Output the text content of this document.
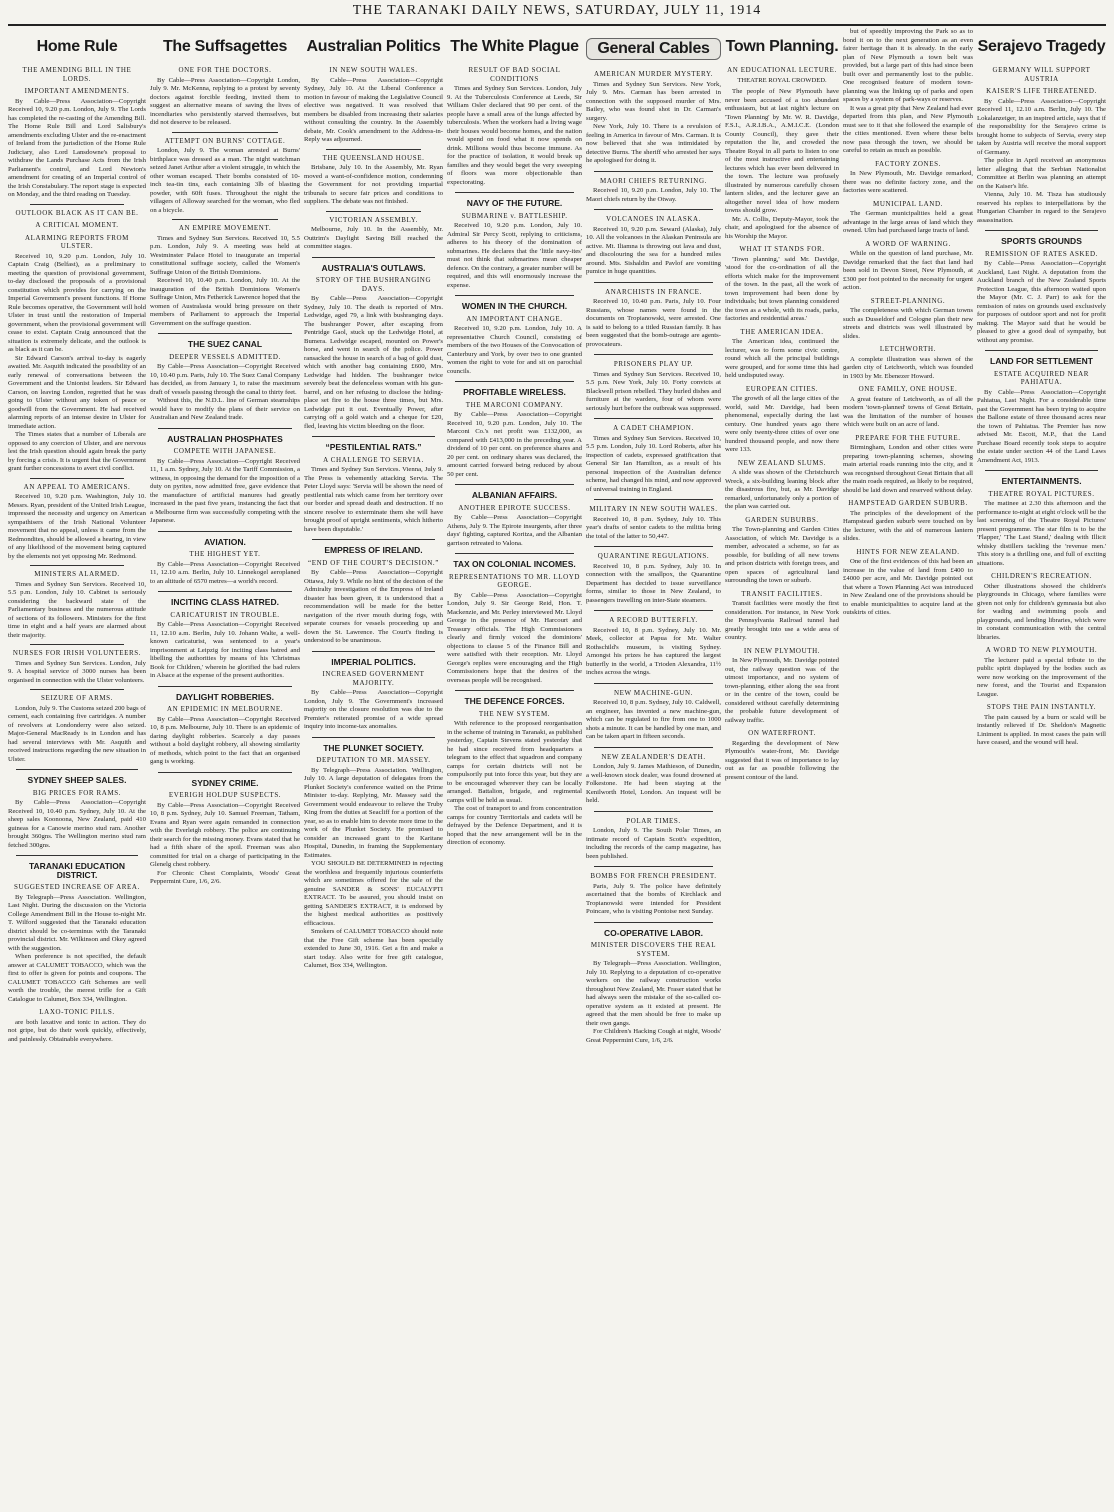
THE TARANAKI DAILY NEWS, SATURDAY, JULY 11, 1914
Home Rule
THE AMENDING BILL IN THE LORDS.
IMPORTANT AMENDMENTS.

By Cable—Press Association—Copyright Received 10, 9.20 p.m. London, July 9. The Lords has completed the re-casting of the Amending Bill. The Home Rule Bill and Lord Salisbury's amendments excluding Ulster and the re-enactment of Ireland from the jurisdiction of the Home Rule Judiciary, also Lord Lansdowne's proposal to withdraw the Lands Purchase Acts from the Irish Parliament's control, and Lord Newton's amendment for creating of an Imperial control of the Irish Constabulary. The report stage is expected on Monday, and the third reading on Tuesday.

OUTLOOK BLACK AS IT CAN BE.
A CRITICAL MOMENT.
ALARMING REPORTS FROM ULSTER.

Received 10, 9.20 p.m. London, July 10. Captain Craig (Belfast), as a preliminary to meeting the question of provisional government, to-day disclosed the proposals of a provisional constitution which provides for carrying on the Imperial Government's present functions. If Home Rule becomes operative, the Government will hold Ulster in trust until the restoration of Imperial government, when the provisional government will cease to exist. Captain Craig announced that the situation is extremely delicate, and the outlook is as black as it can be.

Sir Edward Carson's arrival to-day is eagerly awaited. Mr. Asquith indicated the possibility of an early renewal of conversations between the Government and the Unionist leaders. Sir Edward Carson, on leaving London, regretted that he was going to Ulster without any token of peace or goodwill from the Government. He had received alarming reports of an intense desire in Ulster for immediate action.

The Times states that a number of Liberals are opposed to any coercion of Ulster, and are nervous lest the Irish question should again break the party by forcing a crisis. It is urgent that the Government grant further concessions to avert civil conflict.

AN APPEAL TO AMERICANS.

Received 10, 9.20 p.m. Washington, July 10. Messrs. Ryan, president of the United Irish League, impressed the necessity and urgency on American sympathisers of the Irish National Volunteer movement that no appeal, unless it came from the Redmondites, should be allowed a hearing, in view of any likelihood of the movement being captured by the elements not yet opposing Mr. Redmond.

MINISTERS ALARMED.

Times and Sydney Sun Services. Received 10, 5.5 p.m. London, July 10. Cabinet is seriously considering the backward state of the Parliamentary business and the numerous attitude of sections of its followers. Ministers for the first time in eight and a half years are alarmed about their majority.

NURSES FOR IRISH VOLUNTEERS.

Times and Sydney Sun Services. London, July 9. A hospital service of 3000 nurses has been organised in connection with the Ulster volunteers.

SEIZURE OF ARMS.

London, July 9. The Customs seized 200 bags of cement, each containing five cartridges. A number of revolvers at Londonderry were also seized. Major-General MacReady is in London and has had several interviews with Mr. Asquith and received instructions regarding the new situation in Ulster.

SYDNEY SHEEP SALES.
BIG PRICES FOR RAMS.

By Cable—Press Association—Copyright Received 10, 10.40 p.m. Sydney, July 10. At the sheep sales Koonoona, New Zealand, paid 410 guineas for a Canowie merino stud ram. Another brought 360gns. The Wellington merino stud ram fetched 300gns.

TARANAKI EDUCATION DISTRICT.
SUGGESTED INCREASE OF AREA.

By Telegraph—Press Association. Wellington, Last Night. During the discussion on the Victoria College Amendment Bill in the House to-night Mr. T. Wilford suggested that the Taranaki education district should be co-terminus with the Taranaki provincial district. Mr. Wilkinson and Okey agreed with the suggestion.

When preference is not specified, the default answer at CALUMET TOBACCO, which was the first to offer is given for points and coupons. The CALUMET TOBACCO Gift Schemes are well worth the trouble, the merest trifle for a Gift Catalogue to Calumet, Box 334, Wellington.

LAXO-TONIC PILLS.

are both laxative and tonic in action. They do not gripe, but do their work quickly, effectively, and painlessly. Obtainable everywhere.

The Suffsagettes
ONE FOR THE DOCTORS.

By Cable—Press Association—Copyright London, July 9. Mr. McKenna, replying to a protest by seventy doctors against forcible feeding, invited them to suggest an alternative means of saving the lives of incendiaries who persistently starved themselves, but did not deserve to be released.

ATTEMPT ON BURNS' COTTAGE.

London, July 9. The woman arrested at Burns' birthplace was dressed as a man. The night watchman seized Janet Arthur after a violent struggle, in which the other woman escaped. Their bombs consisted of 10-inch tea-tin tins, each containing 3lb of blasting powder, with 60ft fuses. Throughout the night the villagers of Alloway searched for the woman, who fled on a bicycle.

AN EMPIRE MOVEMENT.

Times and Sydney Sun Services. Received 10, 5.5 p.m. London, July 9. A meeting was held at Westminster Palace Hotel to inaugurate an imperial constitutional suffrage society, called the Women's Suffrage Union of the British Dominions.

Received 10, 10.40 p.m. London, July 10. At the inauguration of the British Dominions Women's Suffrage Union, Mrs Fetherick Lawrence hoped that the women of Australasia would bring pressure on their members of Parliament to approach the Imperial Government on the suffrage question.

THE SUEZ CANAL
DEEPER VESSELS ADMITTED.

By Cable—Press Association—Copyright Received 10, 10.40 p.m. Paris, July 10. The Suez Canal Company has decided, as from January 1, to raise the maximum draft of vessels passing through the canal to thirty feet.

Without this, the N.D.L. line of German steamships would have to modify the plans of their service on Australian and New Zealand trade.

AUSTRALIAN PHOSPHATES
COMPETE WITH JAPANESE.

By Cable—Press Association—Copyright Received 11, 1 a.m. Sydney, July 10. At the Tariff Commission, a witness, in opposing the demand for the imposition of a duty on pyrites, now admitted free, gave evidence that the manufacture of artificial manures had greatly increased in the past five years, instancing the fact that a Melbourne firm was successfully competing with the Japanese.

AVIATION.
THE HIGHEST YET.

By Cable—Press Association—Copyright Received 11, 12.10 a.m. Berlin, July 10. Linnekogel aeroplaned to an altitude of 6570 metres—a world's record.

INCITING CLASS HATRED.
CARICATURIST IN TROUBLE.

By Cable—Press Association—Copyright Received 11, 12.10 a.m. Berlin, July 10. Johann Walte, a well-known caricaturist, was sentenced to a year's imprisonment at Leipzig for inciting class hatred and libelling the authorities by means of his 'Christmas Book for Children,' wherein he glorified the bad rulers in Alsace at the expense of the present authorities.

DAYLIGHT ROBBERIES.
AN EPIDEMIC IN MELBOURNE.

By Cable—Press Association—Copyright Received 10, 8 p.m. Melbourne, July 10. There is an epidemic of daring daylight robberies. Scarcely a day passes without a bold daylight robbery, all showing similarity of methods, which point to the fact that an organised gang is working.

SYDNEY CRIME.
EVERIGH HOLDUP SUSPECTS.

By Cable—Press Association—Copyright Received 10, 8 p.m. Sydney, July 10. Samuel Freeman, Tatham, Evans and Ryan were again remanded in connection with the Everleigh robbery. The police are continuing their search for the missing money. Evans stated that he had a fifth share of the spoil. Freeman was also committed for trial on a charge of participating in the Glenelg chest robbery.

For Chronic Chest Complaints, Woods' Great Peppermint Cure, 1/6, 2/6.

Australian Politics
IN NEW SOUTH WALES.

By Cable—Press Association—Copyright Sydney, July 10. At the Liberal Conference a motion in favour of making the Legislative Council elective was negatived. It was resolved that members be disabled from increasing their salaries without consulting the country. In the Assembly debate, Mr. Cook's amendment to the Address-in-Reply was adjourned.

THE QUEENSLAND HOUSE.

Brisbane, July 10. In the Assembly, Mr. Ryan moved a want-of-confidence motion, condemning the Government for not providing impartial tribunals to secure fair prices and conditions to suppliers. The debate was not finished.

VICTORIAN ASSEMBLY.

Melbourne, July 10. In the Assembly, Mr. Outtrim's Daylight Saving Bill reached the committee stages.

AUSTRALIA'S OUTLAWS.
STORY OF THE BUSHRANGING DAYS.

By Cable—Press Association—Copyright Sydney, July 10. The death is reported of Mrs. Ledwidge, aged 79, a link with bushranging days. The bushranger Power, after escaping from Pentridge Gaol, stuck up the Ledwidge Hotel, at Bumera. Ledwidge escaped, mounted on Power's horse, and went in search of the police. Power ransacked the house in search of a bag of gold dust, which with another bag containing £600, Mrs. Ledwidge had hidden. The bushranger twice severely beat the defenceless woman with his gun-barrel, and on her refusing to disclose the hiding-place set fire to the house three times, but Mrs. Ledwidge put it out. Eventually Power, after carrying off a gold watch and a cheque for £20, fled, leaving his victim bleeding on the floor.

“PESTILENTIAL RATS.”
A CHALLENGE TO SERVIA.

Times and Sydney Sun Services. Vienna, July 9. The Press is vehemently attacking Servia. The Peter Lloyd says: 'Servia will be shown the need of pestilential rats which came from her territory over our border and spread death and destruction. If no sincere resolve to exterminate them she will have brought proof of upright sentiments, which hitherto have been disputable.'

EMPRESS OF IRELAND.
“END OF THE COURT'S DECISION.”

By Cable—Press Association—Copyright Ottawa, July 9. While no hint of the decision of the Admiralty investigation of the Empress of Ireland disaster has been given, it is understood that a recommendation will be made for the better navigation of the river mouth during fogs, with separate courses for vessels proceeding up and down the St. Lawrence. The Court's finding is understood to be unanimous.

IMPERIAL POLITICS.
INCREASED GOVERNMENT MAJORITY.

By Cable—Press Association—Copyright London, July 9. The Government's increased majority on the closure resolution was due to the Premier's reiterated promise of a wide spread inquiry into income-tax anomalies.

THE PLUNKET SOCIETY.
DEPUTATION TO MR. MASSEY.

By Telegraph—Press Association. Wellington, July 10. A large deputation of delegates from the Plunket Society's conference waited on the Prime Minister to-day. Replying, Mr. Massey said the Government would endeavour to relieve the Truby King from the duties at Seacliff for a portion of the year, so as to enable him to devote more time to the work of the Plunket Society. He promised to consider an increased grant to the Karitane Hospital, Dunedin, in framing the Supplementary Estimates.

YOU SHOULD BE DETERMINED in rejecting the worthless and frequently injurious counterfeits which are sometimes offered for the sale of the genuine SANDER & SONS' EUCALYPTI EXTRACT. To be assured, you should insist on getting SANDER'S EXTRACT, it is endorsed by the highest medical authorities as positively efficacious.

Smokers of CALUMET TOBACCO should note that the Free Gift scheme has been specially extended to June 30, 1916. Get a fin and make a start today. Also write for free gift catalogue, Calumet, Box 334, Wellington.

The White Plague
RESULT OF BAD SOCIAL CONDITIONS

Times and Sydney Sun Services. London, July 9. At the Tuberculosis Conference at Leeds, Sir William Osler declared that 90 per cent. of the people have a small area of the lungs affected by tuberculosis. When the workers had a living wage their houses would become homes, and the nation would spend on food what it now spends on drink. Millions would thus become immune. As for the practice of isolation, it would break up families and they would beget the very sweeping of floors was more objectionable than expectorating.

NAVY OF THE FUTURE.
SUBMARINE v. BATTLESHIP.

Received 10, 9.20 p.m. London, July 10. Admiral Sir Percy Scott, replying to criticisms, adheres to his theory of the domination of submarines. He declares that the 'little navy-ites' must not think that submarines mean cheaper defence. On the contrary, a greater number will be required, and this will enormously increase the expense.

WOMEN IN THE CHURCH.
AN IMPORTANT CHANGE.

Received 10, 9.20 p.m. London, July 10. A representative Church Council, consisting of members of the two Houses of the Convocation of Canterbury and York, by over two to one granted women the right to vote for and sit on parochial councils.

PROFITABLE WIRELESS.
THE MARCONI COMPANY.

By Cable—Press Association—Copyright Received 10, 9.20 p.m. London, July 10. The Marconi Co.'s net profit was £132,000, as compared with £413,000 in the preceding year. A dividend of 10 per cent. on preference shares and 20 per cent. on ordinary shares was declared, the amount carried forward being reduced by about 50 per cent.

ALBANIAN AFFAIRS.
ANOTHER EPIROTE SUCCESS.

By Cable—Press Association—Copyright Athens, July 9. The Epirote insurgents, after three days' fighting, captured Koritza, and the Albanian garrison retreated to Valona.

TAX ON COLONIAL INCOMES.
REPRESENTATIONS TO MR. LLOYD GEORGE.

By Cable—Press Association—Copyright London, July 9. Sir George Reid, Hon. T. Mackenzie, and Mr. Perley interviewed Mr. Lloyd George in the presence of Mr. Harcourt and Treasury officials. The High Commissioners clearly and firmly voiced the dominions' objections to clause 5 of the Finance Bill and were satisfied with their reception. Mr. Lloyd George's replies were encouraging and the High Commissioners hope that the desires of the overseas people will be recognised.

THE DEFENCE FORCES.
THE NEW SYSTEM.

With reference to the proposed reorganisation in the scheme of training in Taranaki, as published yesterday, Captain Stevens stated yesterday that he had since received from headquarters a telegram to the effect that squadron and company camps for certain districts will not be compulsorily put into force this year, but they are to be encouraged wherever they can be locally arranged. Battalion, brigade, and regimental camps will be held as usual.

The cost of transport to and from concentration camps for country Territorials and cadets will be defrayed by the Defence Department, and it is hoped that the new arrangement will be in the direction of economy.

General Cables
AMERICAN MURDER MYSTERY.

Times and Sydney Sun Services. New York, July 9. Mrs. Carman has been arrested in connection with the supposed murder of Mrs. Bailey, who was found shot in Dr. Carman's surgery.

New York, July 10. There is a revulsion of feeling in America in favour of Mrs. Carman. It is now believed that she was intimidated by detective Burns. The sheriff who arrested her says he apologised for doing it.

MAORI CHIEFS RETURNING.

Received 10, 9.20 p.m. London, July 10. The Maori chiefs return by the Otway.

VOLCANOES IN ALASKA.

Received 10, 9.20 p.m. Seward (Alaska), July 10. All the volcanoes in the Alaskan Peninsula are active. Mt. Iliamna is throwing out lava and dust, and discolouring the sea for a hundred miles around. Mts. Sishaldin and Pavlof are vomiting pumice in huge quantities.

ANARCHISTS IN FRANCE.

Received 10, 10.40 p.m. Paris, July 10. Four Russians, whose names were found in the documents on Tropianowski, were arrested. One is said to belong to a titled Russian family. It has been suggested that the bomb-outrage are agents-provocateurs.

PRISONERS PLAY UP.

Times and Sydney Sun Services. Received 10, 5.5 p.m. New York, July 10. Forty convicts at Blackwell prison rebelled. They hurled dishes and furniture at the warders, four of whom were seriously hurt before the outbreak was suppressed.

A CADET CHAMPION.

Times and Sydney Sun Services. Received 10, 5.5 p.m. London, July 10. Lord Roberts, after his inspection of cadets, expressed gratification that General Sir Ian Hamilton, as a result of his personal inspection of the Australian defence scheme, had changed his mind, and now approved of universal training in England.

MILITARY IN NEW SOUTH WALES.

Received 10, 8 p.m. Sydney, July 10. This year's drafts of senior cadets to the militia bring the total of the latter to 50,447.

QUARANTINE REGULATIONS.

Received 10, 8 p.m. Sydney, July 10. In connection with the smallpox, the Quarantine Department has decided to issue surveillance forms, similar to those in New Zealand, to passengers travelling on inter-State steamers.

A RECORD BUTTERFLY.

Received 10, 8 p.m. Sydney, July 10. Mr. Meek, collector at Papua for Mr. Walter Rothschild's museum, is visiting Sydney. Amongst his prizes he has captured the largest butterfly in the world, a Trioden Alexandra, 11½ inches across the wings.

NEW MACHINE-GUN.

Received 10, 8 p.m. Sydney, July 10. Caldwell, an engineer, has invented a new machine-gun, which can be regulated to fire from one to 1000 shots a minute. It can be handled by one man, and can be taken apart in fifteen seconds.

NEW ZEALANDER'S DEATH.

London, July 9. James Mathieson, of Dunedin, a well-known stock dealer, was found drowned at Folkestone. He had been staying at the Kenilworth Hotel, London. An inquest will be held.

POLAR TIMES.

London, July 9. The South Polar Times, an intimate record of Captain Scott's expedition, including the records of the camp magazine, has been published.

BOMBS FOR FRENCH PRESIDENT.

Paris, July 9. The police have definitely ascertained that the bombs of Kirchlack and Tropianowski were intended for President Poincare, who is visiting Pontoise next Sunday.

CO-OPERATIVE LABOR.
MINISTER DISCOVERS THE REAL SYSTEM.

By Telegraph—Press Association. Wellington, July 10. Replying to a deputation of co-operative workers on the railway construction works throughout New Zealand, Mr. Fraser stated that he had always seen the mistake of the so-called co-operative system as it existed at present. He agreed that the men should be free to make up their own gangs.

For Children's Hacking Cough at night, Woods' Great Peppermint Cure, 1/6, 2/6.

Town Planning.
AN EDUCATIONAL LECTURE.
THEATRE ROYAL CROWDED.

The people of New Plymouth have never been accused of a too abundant enthusiasm, but at last night's lecture on 'Town Planning' by Mr. W. R. Davidge, F.S.I., A.R.I.B.A., A.M.I.C.E. (London County Council), they gave their reputation the lie, and crowded the Theatre Royal in all parts to listen to one of the most instructive and entertaining lectures which has ever been delivered in the town. The lecture was profusely illustrated by numerous carefully chosen lantern slides, and the lecturer gave an altogether novel idea of how modern towns should grow.

Mr. A. Collis, Deputy-Mayor, took the chair, and apologised for the absence of his Worship the Mayor.

WHAT IT STANDS FOR.

'Town planning,' said Mr. Davidge, 'stood for the co-ordination of all the efforts which make for the improvement of the town. In the past, all the work of town improvement had been done by individuals; but town planning considered the town as a whole, with its roads, parks, factories and residential areas.'

THE AMERICAN IDEA.

The American idea, continued the lecturer, was to form some civic centre, round which all the principal buildings were grouped, and for some time this had held undisputed sway.

EUROPEAN CITIES.

The growth of all the large cities of the world, said Mr. Davidge, had been phenomenal, especially during the last century. One hundred years ago there were only twenty-three cities of over one hundred thousand people, and now there were 133.

NEW ZEALAND SLUMS.

A slide was shown of the Christchurch Wreck, a six-building leaning block after the disastrous fire, but, as Mr. Davidge remarked, unfortunately only a portion of the plan was carried out.

GARDEN SUBURBS.

The Town-planning and Garden Cities Association, of which Mr. Davidge is a member, advocated a scheme, so far as possible, for building of all new towns and prison districts with foreign trees, and open spaces of agricultural land surrounding the town or suburb.

TRANSIT FACILITIES.

Transit facilities were mostly the first consideration. For instance, in New York the Pennsylvania Railroad tunnel had greatly brought into use a wide area of country.

IN NEW PLYMOUTH.

In New Plymouth, Mr. Davidge pointed out, the railway question was of the utmost importance, and no system of town-planning, either along the sea front or in the centre of the town, could be considered without carefully determining the probable future development of railway traffic.

ON WATERFRONT.

Regarding the development of New Plymouth's water-front, Mr. Davidge suggested that it was of importance to lay out as far as possible following the present contour of the land.

but of speedily improving the Park so as to bond it on to the next generation as an even fairer heritage than it is already. In the early plan of New Plymouth a town belt was provided, but a large part of this had since been built over and permanently lost to the public. One recognised feature of modern town-planning was the linking up of parks and open spaces by a system of park-ways or reserves.

It was a great pity that New Zealand had ever departed from this plan, and New Plymouth must see to it that she followed the example of the cities mentioned. Even where these belts now pass through the town, we should be careful to retain as much as possible.

FACTORY ZONES.

In New Plymouth, Mr. Davidge remarked, there was no definite factory zone, and the factories were scattered.

MUNICIPAL LAND.

The German municipalities held a great advantage in the large areas of land which they owned. Ulm had purchased large tracts of land.

A WORD OF WARNING.

While on the question of land purchase, Mr. Davidge remarked that the fact that land had been sold in Devon Street, New Plymouth, at £300 per foot pointed to the necessity for urgent action.

STREET-PLANNING.

The completeness with which German towns such as Dusseldorf and Cologne plan their new streets and districts was well illustrated by slides.

LETCHWORTH.

A complete illustration was shown of the garden city of Letchworth, which was founded in 1903 by Mr. Ebenezer Howard.

ONE FAMILY, ONE HOUSE.

A great feature of Letchworth, as of all the modern 'town-planned' towns of Great Britain, was the limitation of the number of houses which were built on an acre of land.

PREPARE FOR THE FUTURE.

Birmingham, London and other cities were preparing town-planning schemes, showing main arterial roads running into the city, and it was recognised throughout Great Britain that all the main roads required, as likely to be required, should be laid down and reserved without delay.

HAMPSTEAD GARDEN SUBURB.

The principles of the development of the Hampstead garden suburb were touched on by the lecturer, with the aid of numerous lantern slides.

HINTS FOR NEW ZEALAND.

One of the first evidences of this had been an increase in the value of land from £400 to £4000 per acre, and Mr. Davidge pointed out that where a Town Planning Act was introduced in New Zealand one of the provisions should be to enable municipalities to acquire land at the outskirts of cities.

Serajevo Tragedy
GERMANY WILL SUPPORT AUSTRIA
KAISER'S LIFE THREATENED.

By Cable—Press Association—Copyright Received 11, 12.10 a.m. Berlin, July 10. The Lokalanzeiger, in an inspired article, says that if the responsibility for the Serajevo crime is brought home to subjects of Servia, every step taken by Austria will receive the moral support of Germany.

The police in April received an anonymous letter alleging that the Serbian Nationalist Committee at Berlin was planning an attempt on the Kaiser's life.

Vienna, July 10. M. Tisza has studiously reserved his replies to interpellations by the Hungarian Chamber in regard to the Serajevo assassination.

SPORTS GROUNDS
REMISSION OF RATES ASKED.

By Cable—Press Association—Copyright Auckland, Last Night. A deputation from the Auckland branch of the New Zealand Sports Protection League, this afternoon waited upon the Mayor (Mr. C. J. Parr) to ask for the remission of rates on grounds used exclusively for purposes of outdoor sport and not for profit making. The Mayor said that he would be pleased to give a good deal of sympathy, but without any promise.

LAND FOR SETTLEMENT
ESTATE ACQUIRED NEAR PAHIATUA.

By Cable—Press Association—Copyright Pahiatua, Last Night. For a considerable time past the Government has been trying to acquire the Ballone estate of three thousand acres near the town of Pahiatua. The Premier has now advised Mr. Escott, M.P., that the Land Purchase Board recently took steps to acquire the estate under section 44 of the Land Laws Amendment Act, 1913.

ENTERTAINMENTS.
THEATRE ROYAL PICTURES.

The matinee at 2.30 this afternoon and the performance to-night at eight o'clock will be the last screening of the Theatre Royal Pictures' present programme. The star film is to be the 'Flapper,' 'The Last Stand,' dealing with Illicit whisky distillers tackling the 'revenue men.' This story is a thrilling one, and full of exciting situations.

CHILDREN'S RECREATION.

Other illustrations showed the children's playgrounds in Chicago, where families were given not only for children's gymnasia but also for wading and swimming pools and playgrounds, and lending libraries, which were in constant communication with the central libraries.

A WORD TO NEW PLYMOUTH.

The lecturer paid a special tribute to the public spirit displayed by the bodies such as were now working on the improvement of the new forest, and the Tourist and Expansion League.

STOPS THE PAIN INSTANTLY.

The pain caused by a burn or scald will be instantly relieved if Dr. Sheldon's Magnetic Liniment is applied. In most cases the pain will have ceased, and the wound will heal.
